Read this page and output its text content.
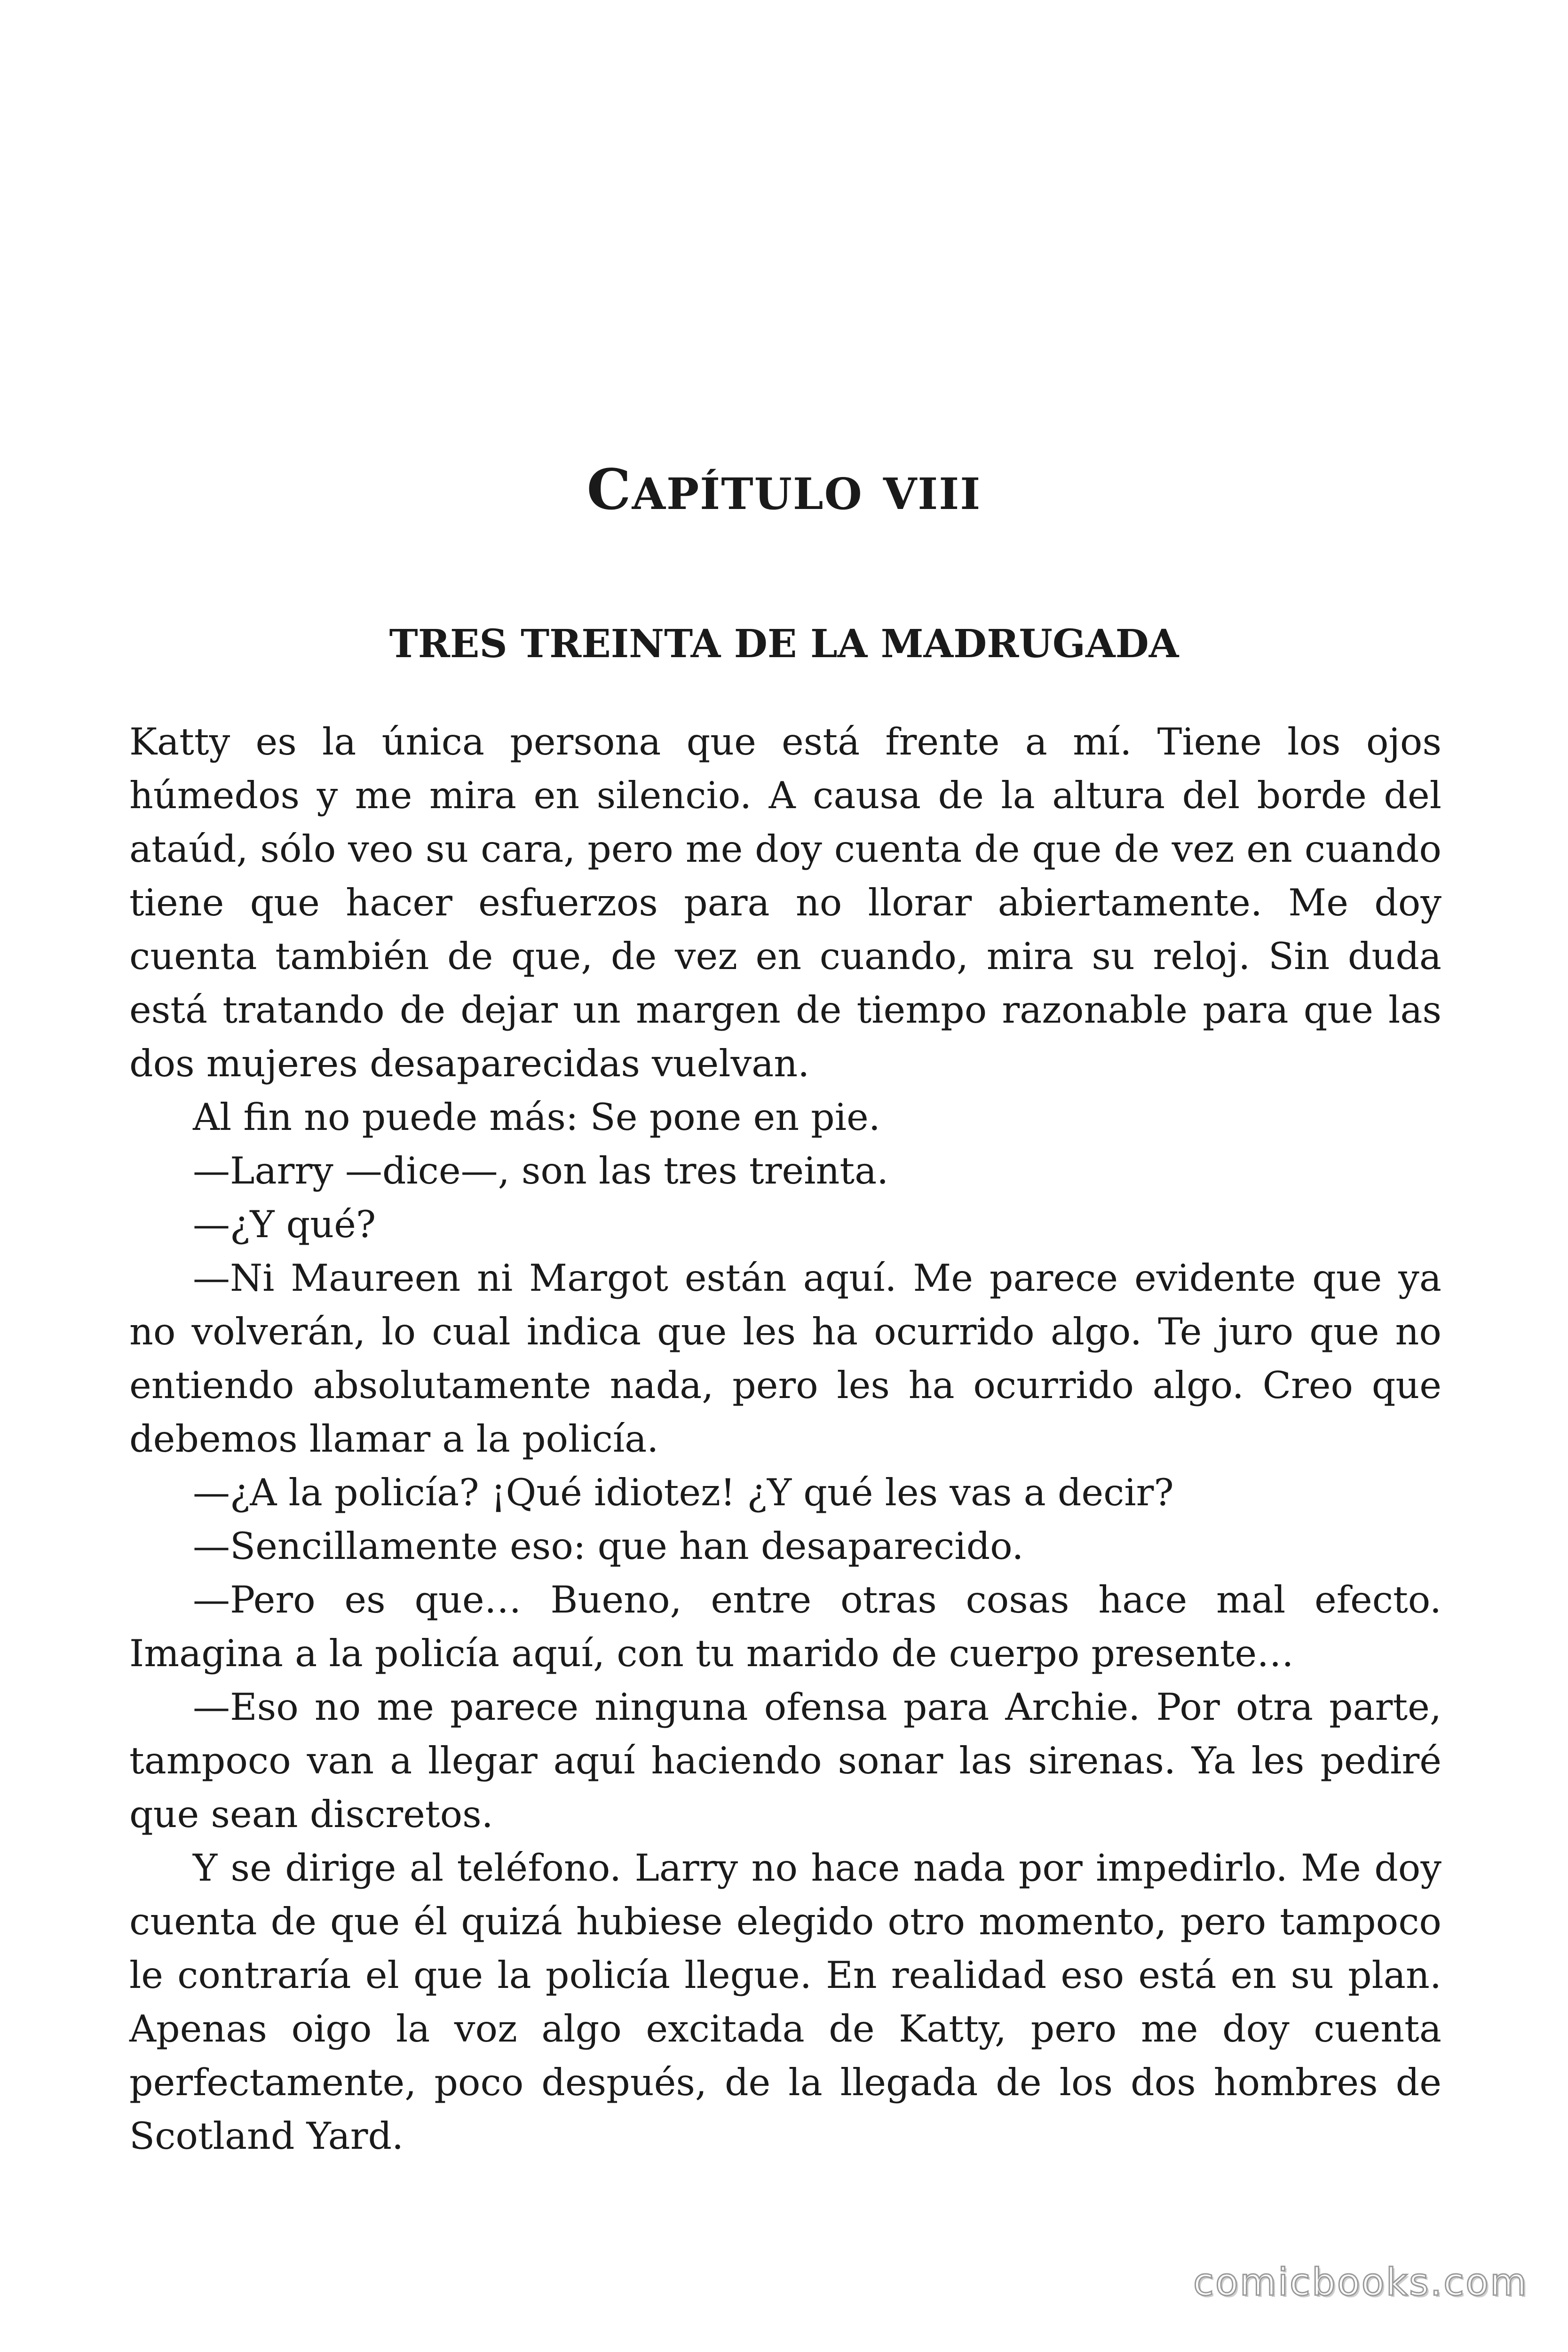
CAPÍTULO VIII
TRES TREINTA DE LA MADRUGADA

Katty es la única persona que está frente a mí. Tiene los ojos húmedos y me mira en silencio. A causa de la altura del borde del ataúd, sólo veo su cara, pero me doy cuenta de que de vez en cuando tiene que hacer esfuerzos para no llorar abiertamente. Me doy cuenta también de que, de vez en cuando, mira su reloj. Sin duda está tratando de dejar un margen de tiempo razonable para que las dos mujeres desaparecidas vuelvan.

Al fin no puede más: Se pone en pie.

—Larry —dice—, son las tres treinta.

—¿Y qué?

—Ni Maureen ni Margot están aquí. Me parece evidente que ya no volverán, lo cual indica que les ha ocurrido algo. Te juro que no entiendo absolutamente nada, pero les ha ocurrido algo. Creo que debemos llamar a la policía.

—¿A la policía? ¡Qué idiotez! ¿Y qué les vas a decir?

—Sencillamente eso: que han desaparecido.

—Pero es que… Bueno, entre otras cosas hace mal efecto. Imagina a la policía aquí, con tu marido de cuerpo presente…

—Eso no me parece ninguna ofensa para Archie. Por otra parte, tampoco van a llegar aquí haciendo sonar las sirenas. Ya les pediré que sean discretos.

Y se dirige al teléfono. Larry no hace nada por impedirlo. Me doy cuenta de que él quizá hubiese elegido otro momento, pero tampoco le contraría el que la policía llegue. En realidad eso está en su plan. Apenas oigo la voz algo excitada de Katty, pero me doy cuenta perfectamente, poco después, de la llegada de los dos hombres de Scotland Yard.

comicbooks.com
